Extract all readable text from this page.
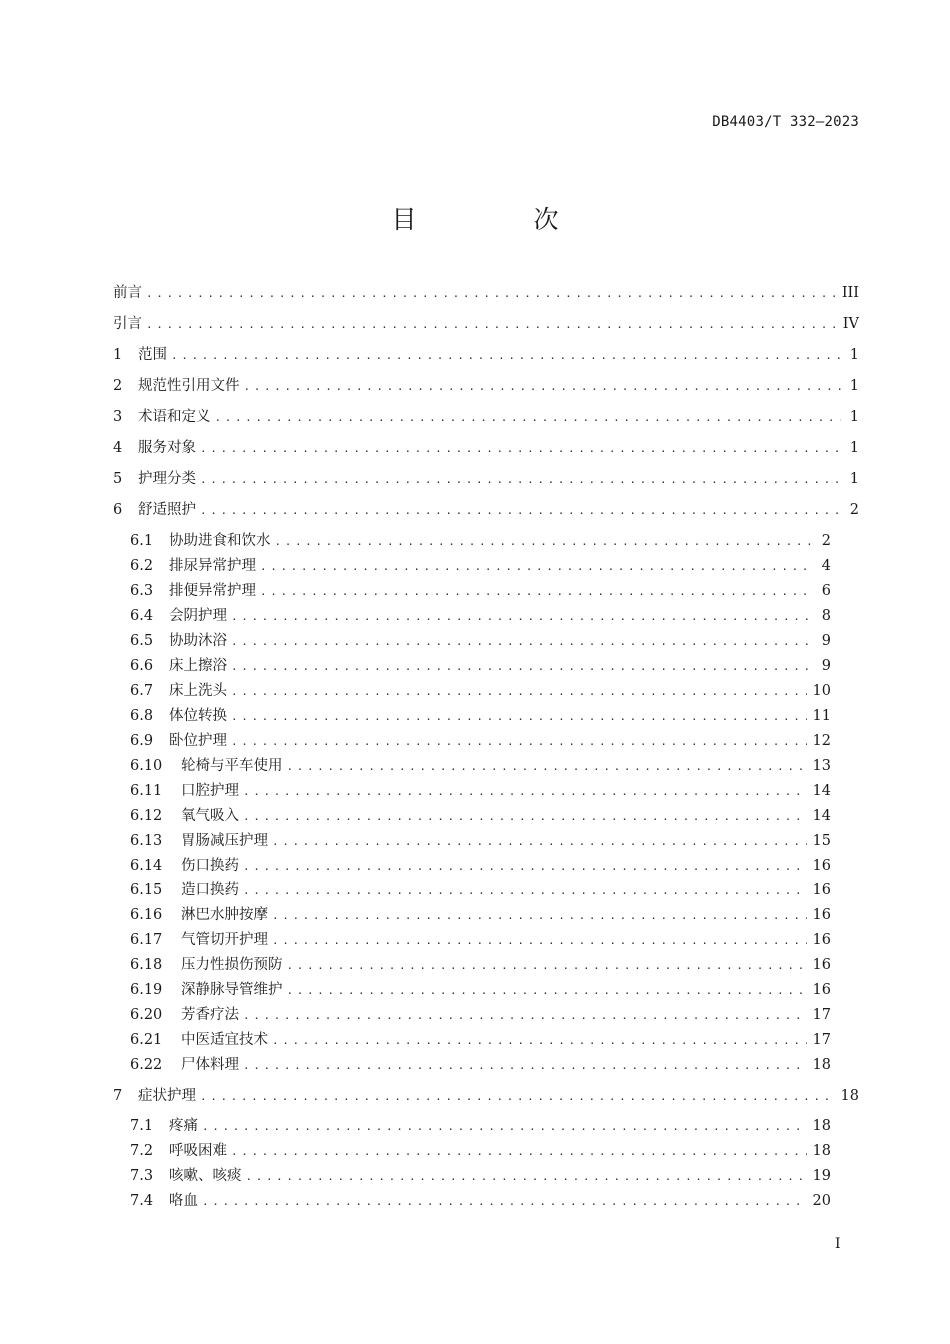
DB4403/T 332—2023
目　次
前言 .....	III
引言 .....	IV
1	范围 .....	1
2	规范性引用文件 .....	1
3	术语和定义 .....	1
4	服务对象 .....	1
5	护理分类 .....	1
6	舒适照护 .....	2
6.1	协助进食和饮水 .....	2
6.2	排尿异常护理 .....	4
6.3	排便异常护理 .....	6
6.4	会阴护理 .....	8
6.5	协助沐浴 .....	9
6.6	床上擦浴 .....	9
6.7	床上洗头 .....	10
6.8	体位转换 .....	11
6.9	卧位护理 .....	12
6.10	轮椅与平车使用 .....	13
6.11	口腔护理 .....	14
6.12	氧气吸入 .....	14
6.13	胃肠减压护理 .....	15
6.14	伤口换药 .....	16
6.15	造口换药 .....	16
6.16	淋巴水肿按摩 .....	16
6.17	气管切开护理 .....	16
6.18	压力性损伤预防 .....	16
6.19	深静脉导管维护 .....	16
6.20	芳香疗法 .....	17
6.21	中医适宜技术 .....	17
6.22	尸体料理 .....	18
7	症状护理 .....	18
7.1	疼痛 .....	18
7.2	呼吸困难 .....	18
7.3	咳嗽、咳痰 .....	19
7.4	咯血 .....	20
I
